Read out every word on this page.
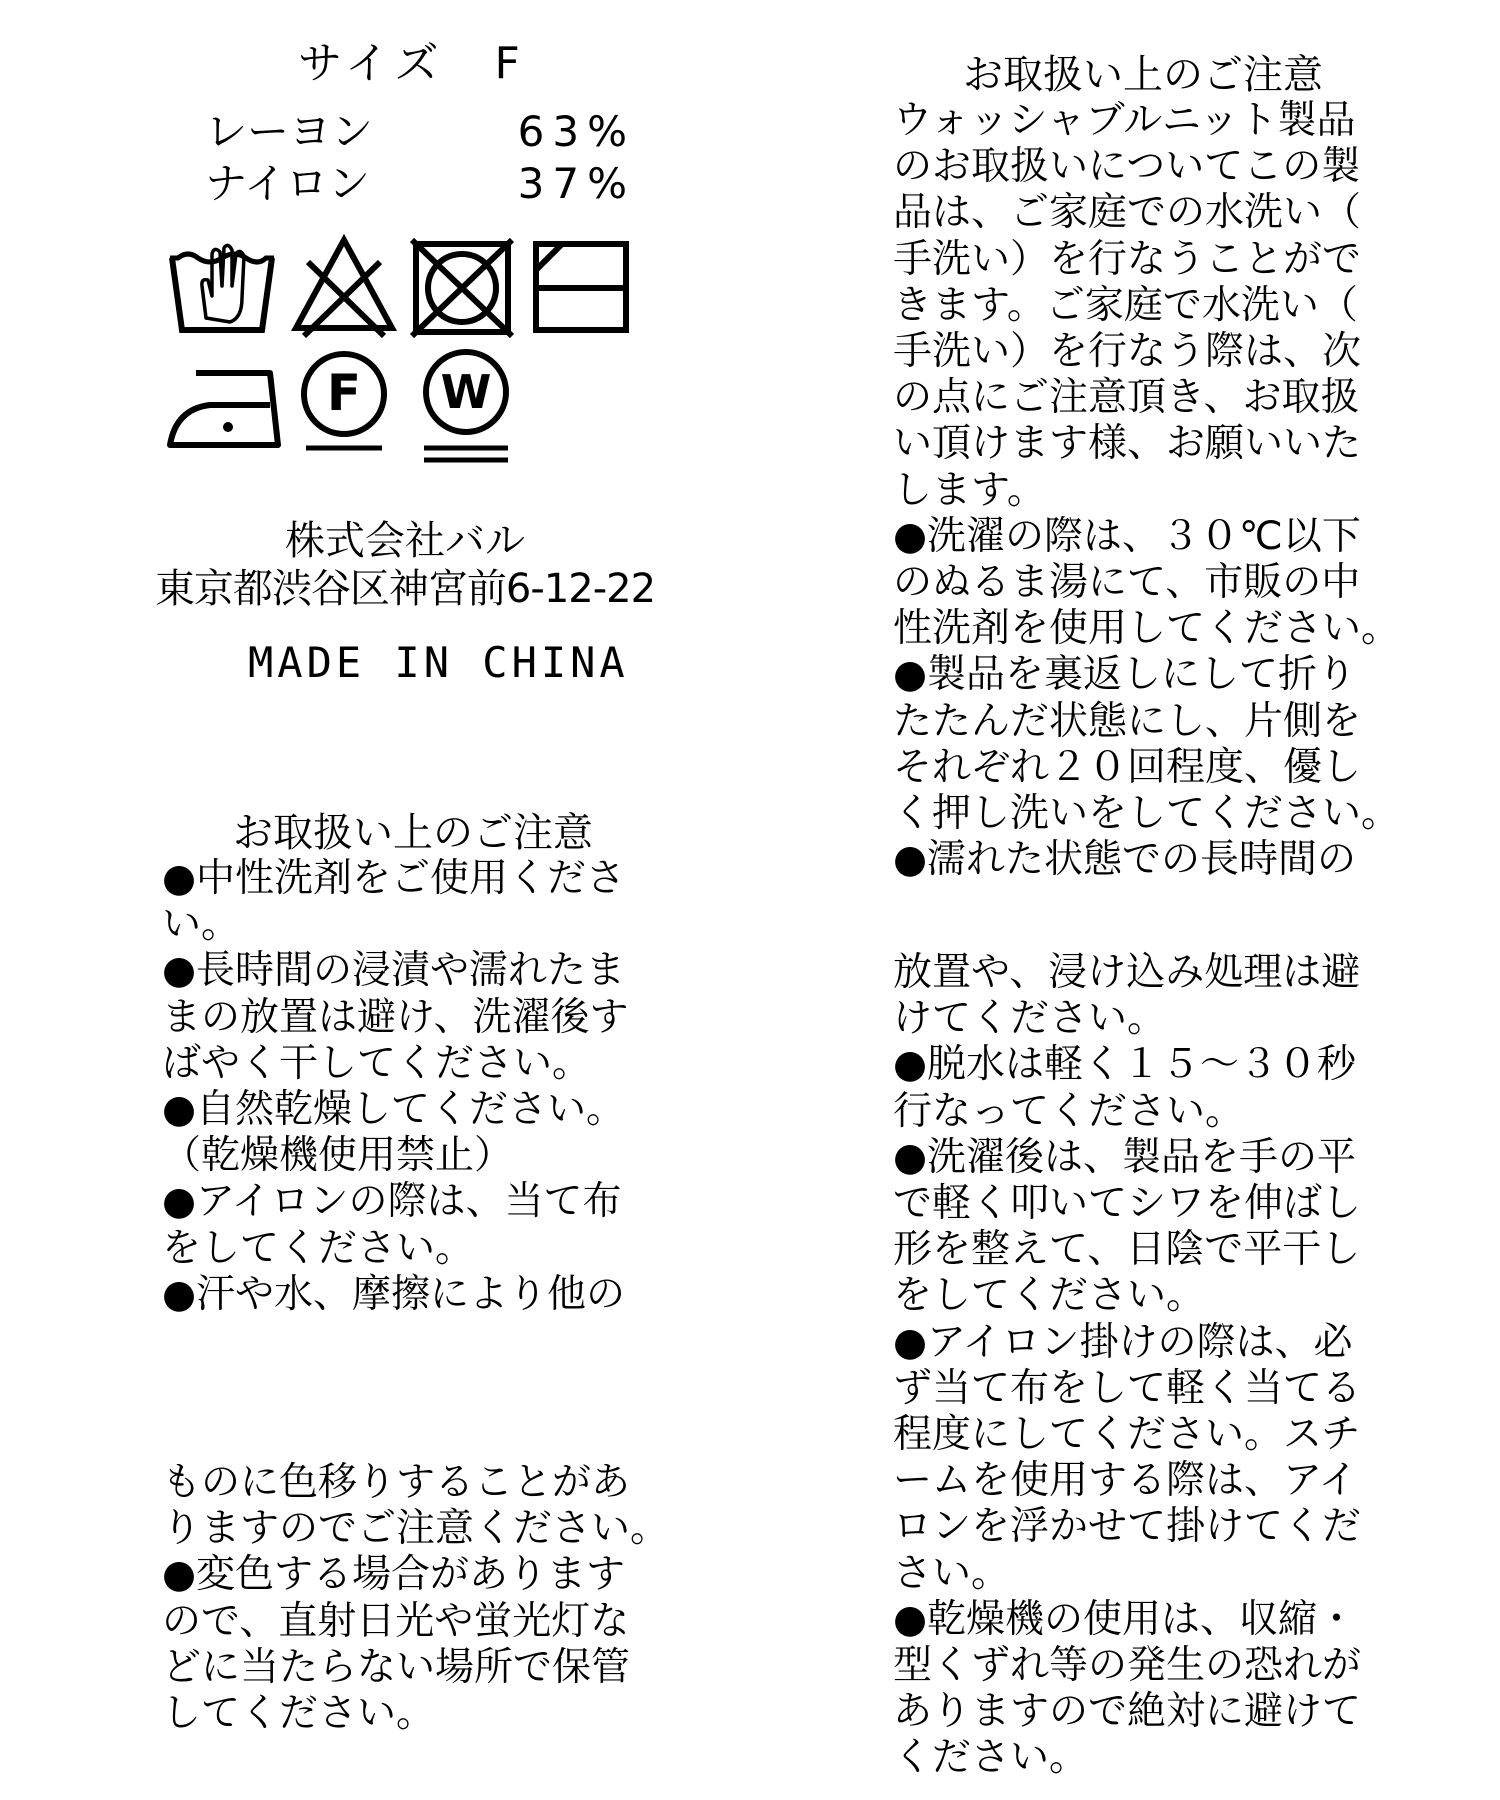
サイズ　F
レーヨン	63%
ナイロン	37%
F W
株式会社バル
東京都渋谷区神宮前6-12-22
MADE IN CHINA
お取扱い上のご注意

●中性洗剤をご使用くださ
い。
●長時間の浸漬や濡れたま
まの放置は避け、洗濯後す
ばやく干してください。
●自然乾燥してください。
（乾燥機使用禁止）
●アイロンの際は、当て布
をしてください。
●汗や水、摩擦により他の

ものに色移りすることがあ
りますのでご注意ください。
●変色する場合があります
ので、直射日光や蛍光灯な
どに当たらない場所で保管
してください。

お取扱い上のご注意

ウォッシャブルニット製品
のお取扱いについてこの製
品は、ご家庭での水洗い（
手洗い）を行なうことがで
きます。ご家庭で水洗い（
手洗い）を行なう際は、次
の点にご注意頂き、お取扱
い頂けます様、お願いいた
します。
●洗濯の際は、３０℃以下
のぬるま湯にて、市販の中
性洗剤を使用してください。
●製品を裏返しにして折り
たたんだ状態にし、片側を
それぞれ２０回程度、優し
く押し洗いをしてください。
●濡れた状態での長時間の

放置や、浸け込み処理は避
けてください。
●脱水は軽く１５～３０秒
行なってください。
●洗濯後は、製品を手の平
で軽く叩いてシワを伸ばし
形を整えて、日陰で平干し
をしてください。
●アイロン掛けの際は、必
ず当て布をして軽く当てる
程度にしてください。スチ
ームを使用する際は、アイ
ロンを浮かせて掛けてくだ
さい。
●乾燥機の使用は、収縮・
型くずれ等の発生の恐れが
ありますので絶対に避けて
ください。
